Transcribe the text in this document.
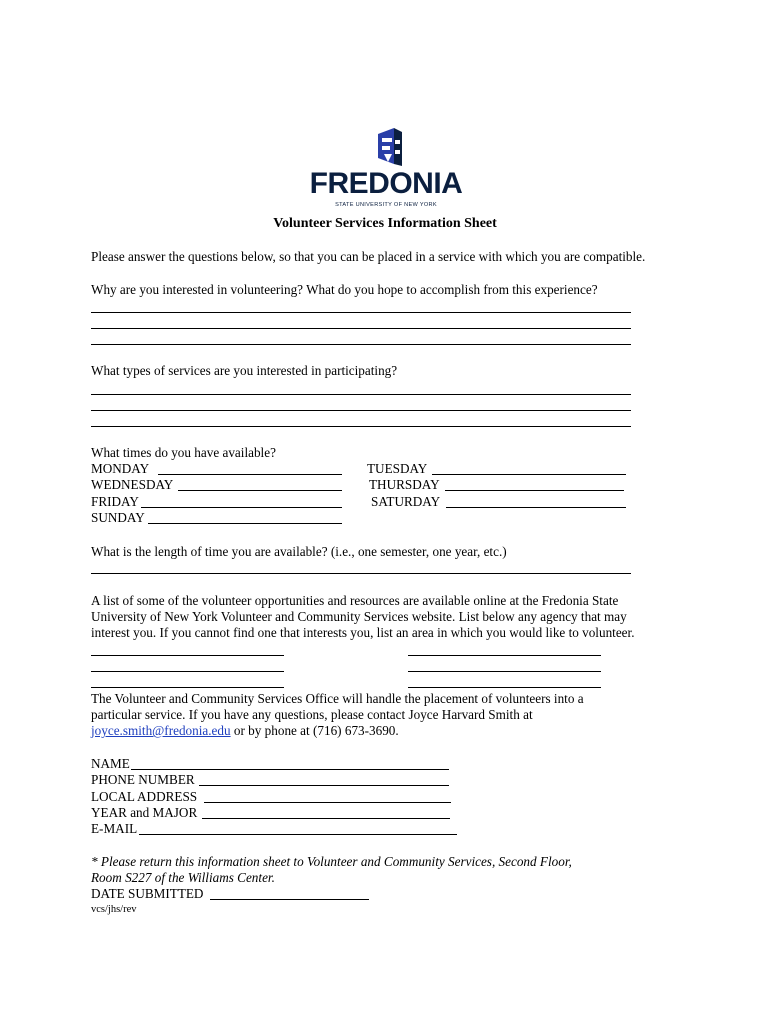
FREDONIA
STATE UNIVERSITY OF NEW YORK
Volunteer Services Information Sheet
Please answer the questions below, so that you can be placed in a service with which you are compatible.
Why are you interested in volunteering? What do you hope to accomplish from this experience?
What types of services are you interested in participating?
What times do you have available?
MONDAY
WEDNESDAY
FRIDAY
SUNDAY
TUESDAY
THURSDAY
SATURDAY
What is the length of time you are available? (i.e., one semester, one year, etc.)
A list of some of the volunteer opportunities and resources are available online at the Fredonia State
University of New York Volunteer and Community Services website. List below any agency that may
interest you. If you cannot find one that interests you, list an area in which you would like to volunteer.
The Volunteer and Community Services Office will handle the placement of volunteers into a
particular service. If you have any questions, please contact Joyce Harvard Smith at
joyce.smith@fredonia.edu or by phone at (716) 673-3690.
NAME
PHONE NUMBER
LOCAL ADDRESS
YEAR and MAJOR
E-MAIL
* Please return this information sheet to Volunteer and Community Services, Second Floor,
Room S227 of the Williams Center.
DATE SUBMITTED
vcs/jhs/rev
